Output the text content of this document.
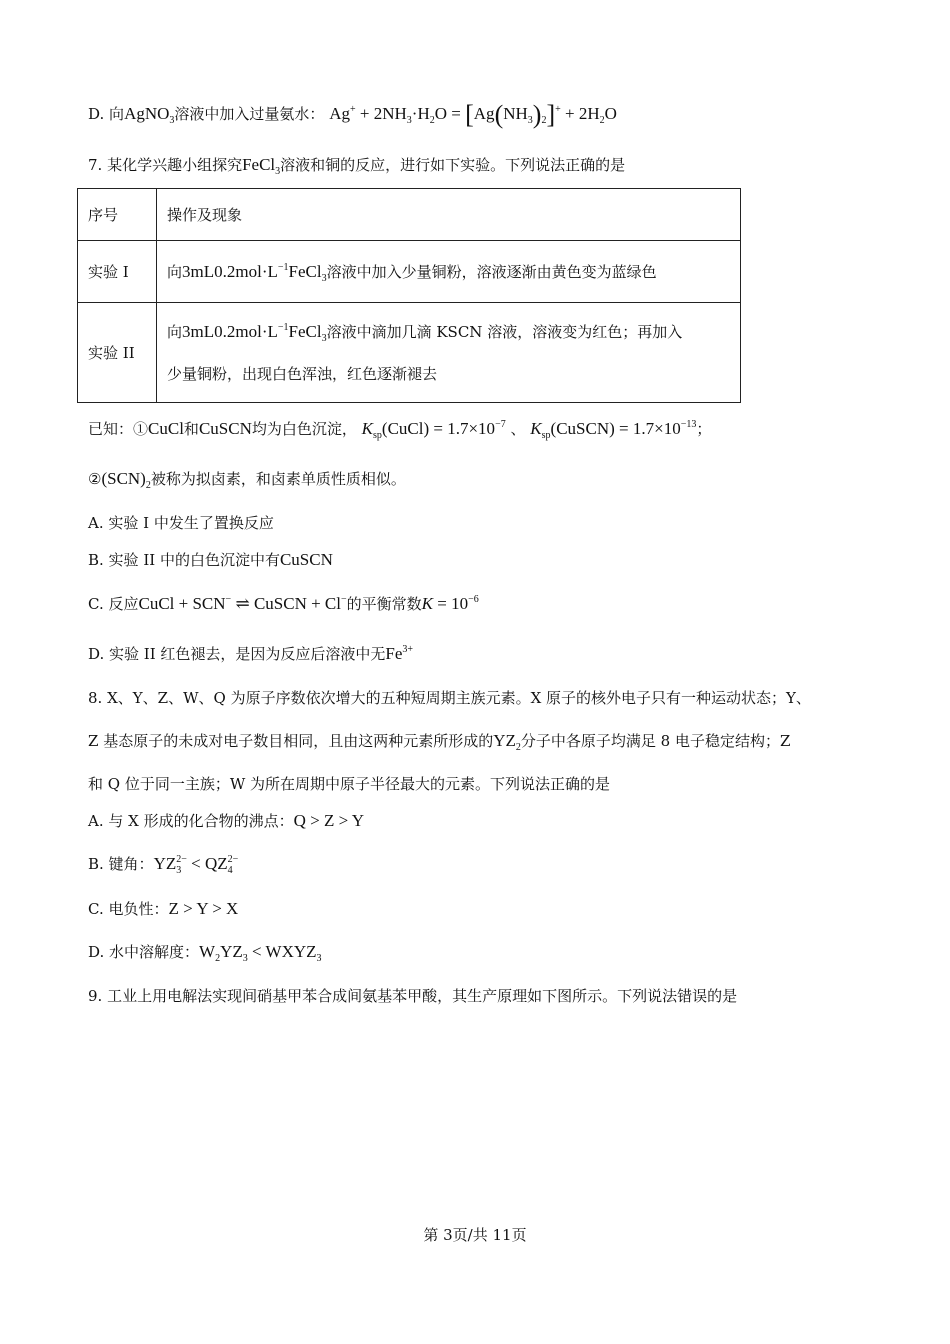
D. 向AgNO$_3$溶液中加入过量氨水： $Ag^+ + 2NH_3\cdot H_2O = [Ag(NH_3)_2]^+ + 2H_2O$
7. 某化学兴趣小组探究FeCl$_3$溶液和铜的反应，进行如下实验。下列说法正确的是
序号	操作及现象
实验 I	向$3mL0.2mol\cdot L^{-1}FeCl_3$溶液中加入少量铜粉，溶液逐渐由黄色变为蓝绿色
实验 II	向$3mL0.2mol\cdot L^{-1}FeCl_3$溶液中滴加几滴 KSCN 溶液，溶液变为红色；再加入
少量铜粉，出现白色浑浊，红色逐渐褪去
已知：①CuCl和CuSCN均为白色沉淀， $K_{sp}(CuCl) = 1.7\times 10^{-7}$ 、 $K_{sp}(CuSCN) = 1.7\times 10^{-13}$；
$②(SCN)_2$被称为拟卤素，和卤素单质性质相似。
A. 实验 I 中发生了置换反应
B. 实验 II 中的白色沉淀中有CuSCN
C. 反应CuCl + SCN− ⇌ CuSCN + Cl−的平衡常数$K = 10^{-6}$
D. 实验 II 红色褪去，是因为反应后溶液中无$Fe^{3+}$
8. X、Y、Z、W、Q 为原子序数依次增大的五种短周期主族元素。X 原子的核外电子只有一种运动状态；Y、
Z 基态原子的未成对电子数目相同，且由这两种元素所形成的$YZ_2$分子中各原子均满足 8 电子稳定结构；Z
和 Q 位于同一主族；W 为所在周期中原子半径最大的元素。下列说法正确的是
A. 与 X 形成的化合物的沸点：Q > Z > Y
B. 键角：$YZ_3^{2-} < QZ_4^{2-}$
C. 电负性：Z > Y > X
D. 水中溶解度：$W_2YZ_3$ < $WXYZ_3$
9. 工业上用电解法实现间硝基甲苯合成间氨基苯甲酸，其生产原理如下图所示。下列说法错误的是
第 3页/共 11页
